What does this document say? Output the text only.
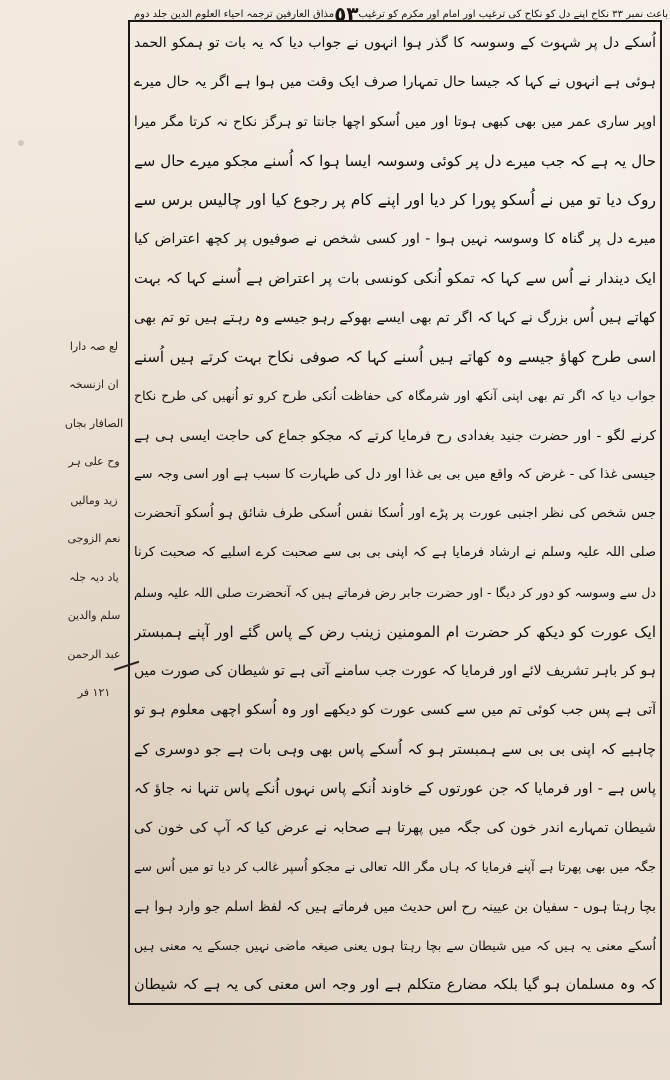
باعث نمبر ٣٣ نکاح اپنے دل کو نکاح کی ترغیب اور امام اور مکرم کو ترغیب
٥٣
مذاق العارفین ترجمہ احیاء العلوم الدین جلد دوم
اُسکے دل پر شہوت کے وسوسہ کا گذر ہوا انہوں نے جواب دیا کہ یہ بات تو ہمکو الحمد
ہوئی ہے انہوں نے کہا کہ جیسا حال تمہارا صرف ایک وقت میں ہوا ہے اگر یہ حال میرے
اوپر ساری عمر میں بھی کبھی ہوتا اور میں اُسکو اچھا جانتا تو ہرگز نکاح نہ کرتا مگر میرا
حال یہ ہے کہ جب میرے دل پر کوئی وسوسہ ایسا ہوا کہ اُسنے مجکو میرے حال سے
روک دیا تو میں نے اُسکو پورا کر دیا اور اپنے کام پر رجوع کیا اور چالیس برس سے
میرے دل پر گناہ کا وسوسہ نہیں ہوا - اور کسی شخص نے صوفیوں پر کچھ اعتراض کیا
ایک دیندار نے اُس سے کہا کہ تمکو اُنکی کونسی بات پر اعتراض ہے اُسنے کہا کہ بہت
کھاتے ہیں اُس بزرگ نے کہا کہ اگر تم بھی ایسے بھوکے رہو جیسے وہ رہتے ہیں تو تم بھی
اسی طرح کھاؤ جیسے وہ کھاتے ہیں اُسنے کہا کہ صوفی نکاح بہت کرتے ہیں اُسنے
جواب دیا کہ اگر تم بھی اپنی آنکھ اور شرمگاہ کی حفاظت اُنکی طرح کرو تو اُنھیں کی طرح نکاح
کرنے لگو - اور حضرت جنید بغدادی رح فرمایا کرتے کہ مجکو جماع کی حاجت ایسی ہی ہے
جیسی غذا کی - غرض کہ واقع میں بی بی غذا اور دل کی طہارت کا سبب ہے اور اسی وجہ سے
جس شخص کی نظر اجنبی عورت پر پڑے اور اُسکا نفس اُسکی طرف شائق ہو اُسکو آنحضرت
صلی اللہ علیہ وسلم نے ارشاد فرمایا ہے کہ اپنی بی بی سے صحبت کرے اسلیے کہ صحبت کرنا
دل سے وسوسہ کو دور کر دیگا - اور حضرت جابر رض فرماتے ہیں کہ آنحضرت صلی اللہ علیہ وسلم
ایک عورت کو دیکھ کر حضرت ام المومنین زینب رض کے پاس گئے اور آپنے ہمبستر
ہو کر باہر تشریف لائے اور فرمایا کہ عورت جب سامنے آتی ہے تو شیطان کی صورت میں
آتی ہے پس جب کوئی تم میں سے کسی عورت کو دیکھے اور وہ اُسکو اچھی معلوم ہو تو
چاہیے کہ اپنی بی بی سے ہمبستر ہو کہ اُسکے پاس بھی وہی بات ہے جو دوسری کے
پاس ہے - اور فرمایا کہ جن عورتوں کے خاوند اُنکے پاس نہوں اُنکے پاس تنہا نہ جاؤ کہ
شیطان تمہارے اندر خون کی جگہ میں پھرتا ہے صحابہ نے عرض کیا کہ آپ کی خون کی
جگہ میں بھی پھرتا ہے آپنے فرمایا کہ ہاں مگر اللہ تعالی نے مجکو اُسپر غالب کر دیا تو میں اُس سے
بچا رہتا ہوں - سفیان بن عیینہ رح اس حدیث میں فرماتے ہیں کہ لفظ اسلم جو وارد ہوا ہے
اُسکے معنی یہ ہیں کہ میں شیطان سے بچا رہتا ہوں یعنی صیغہ ماضی نہیں جسکے یہ معنی ہیں
کہ وہ مسلمان ہو گیا بلکہ مضارع متکلم ہے اور وجہ اس معنی کی یہ ہے کہ شیطان
لع صہ دارا
ان ازنسخہ
الصافار بجاں
وح علی ہر
زید ومالیں
نعم الزوجی
یاد دیہ جلہ
سلم والدین
عبد الرحمن
١٢١ فر
